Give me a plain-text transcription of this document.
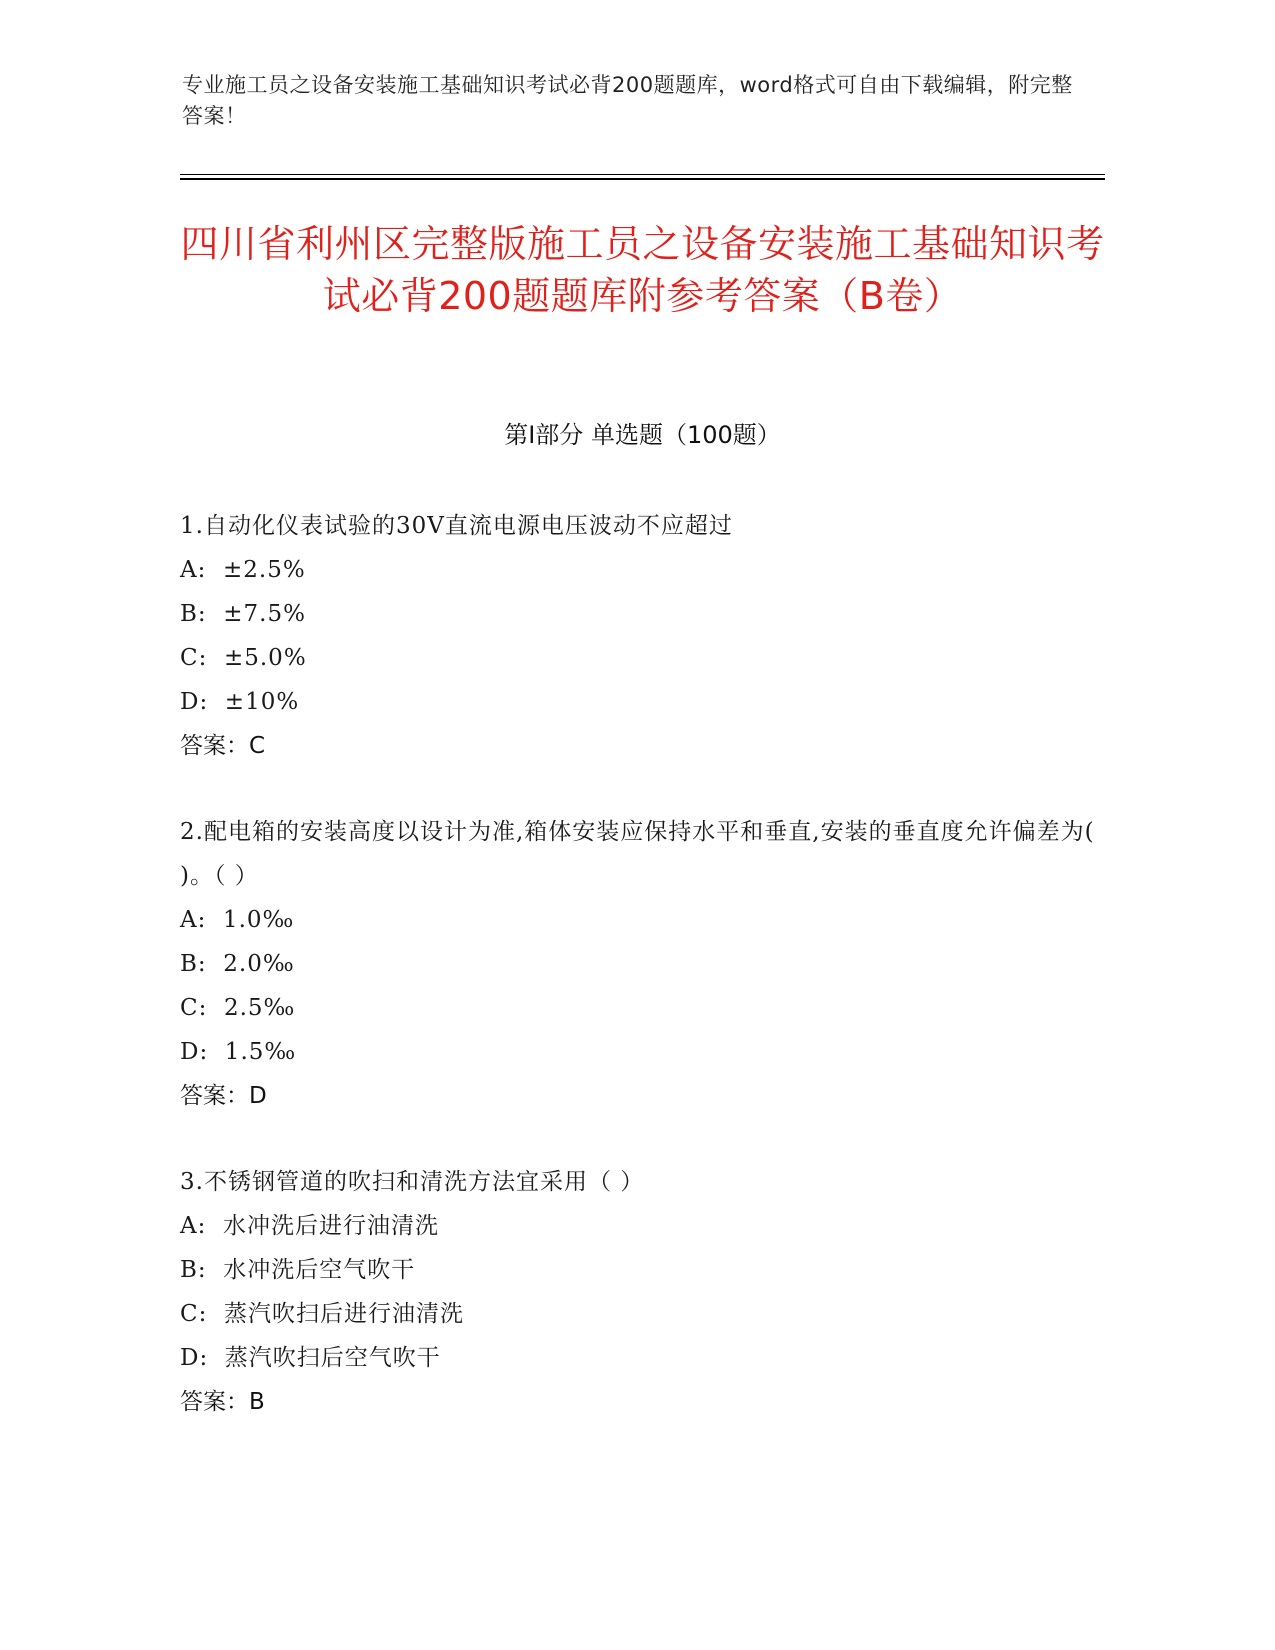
专业施工员之设备安装施工基础知识考试必背200题题库，word格式可自由下载编辑，附完整答案！
四川省利州区完整版施工员之设备安装施工基础知识考试必背200题题库附参考答案（B卷）
第Ⅰ部分 单选题（100题）
1.自动化仪表试验的30V直流电源电压波动不应超过
A:  ±2.5%
B:  ±7.5%
C:  ±5.0%
D:  ±10%
答案：C
2.配电箱的安装高度以设计为准,箱体安装应保持水平和垂直,安装的垂直度允许偏差为( )。（ ）
A:  1.0‰
B:  2.0‰
C:  2.5‰
D:  1.5‰
答案：D
3.不锈钢管道的吹扫和清洗方法宜采用（ ）
A:  水冲洗后进行油清洗
B:  水冲洗后空气吹干
C:  蒸汽吹扫后进行油清洗
D:  蒸汽吹扫后空气吹干
答案：B
